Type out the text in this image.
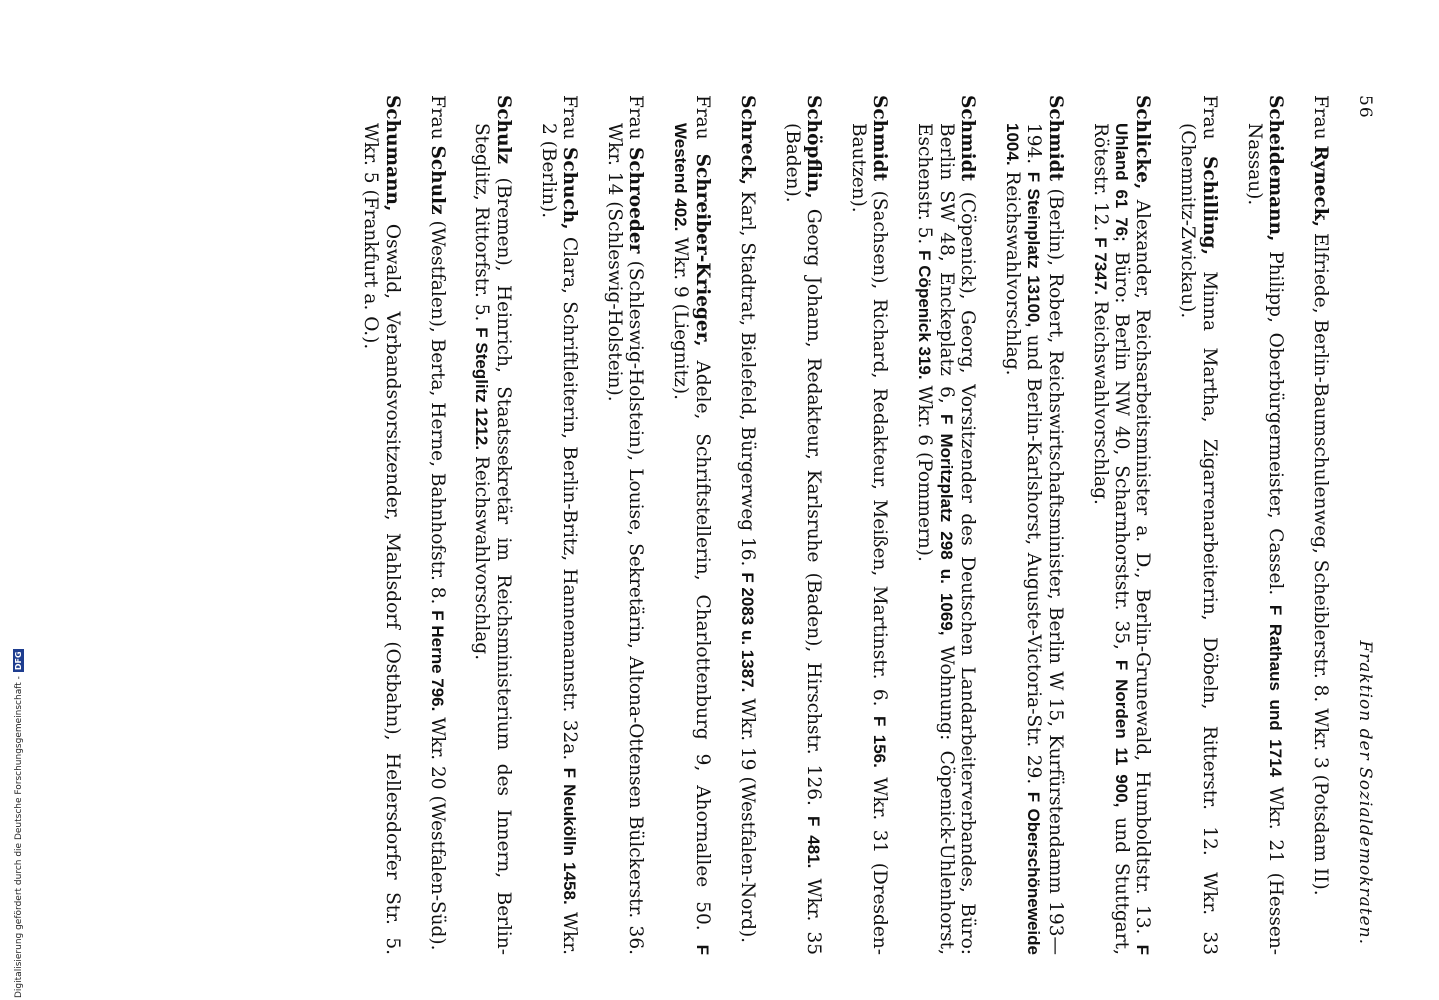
56
Fraktion der Sozialdemokraten.

Frau Ryneck, Elfriede, Berlin-Baumschulenweg, Scheiblerstr. 8. Wkr. 3 (Potsdam II).

Scheidemann, Philipp, Oberbürgermeister, Cassel. F Rathaus und 1714 Wkr. 21 (Hessen-Nassau).

Frau Schilling, Minna Martha, Zigarrenarbeiterin, Döbeln, Ritterstr. 12. Wkr. 33 (Chemnitz-Zwickau).

Schlicke, Alexander, Reichsarbeitsminister a. D., Berlin-Grunewald, Humboldtstr. 13. F Uhland 61 76; Büro: Berlin NW 40, Scharnhorststr. 35, F Norden 11 900, und Stuttgart, Rötestr. 12. F 7347. Reichswahlvorschlag.

Schmidt (Berlin), Robert, Reichswirtschaftsminister, Berlin W 15, Kurfürstendamm 193—194. F Steinplatz 13100, und Berlin-Karlshorst, Auguste-Victoria-Str. 29. F Oberschöneweide 1004. Reichswahlvorschlag.

Schmidt (Cöpenick), Georg, Vorsitzender des Deutschen Landarbeiterverbandes, Büro: Berlin SW 48, Enckeplatz 6, F Moritzplatz 298 u. 1069, Wohnung: Cöpenick-Uhlenhorst, Eschenstr. 5. F Cöpenick 319. Wkr. 6 (Pommern).

Schmidt (Sachsen), Richard, Redakteur, Meißen, Martinstr. 6. F 156. Wkr. 31 (Dresden-Bautzen).

Schöpflin, Georg Johann, Redakteur, Karlsruhe (Baden), Hirschstr. 126. F 481. Wkr. 35 (Baden).

Schreck, Karl, Stadtrat, Bielefeld, Bürgerweg 16. F 2083 u. 1387. Wkr. 19 (Westfalen-Nord).

Frau Schreiber-Krieger, Adele, Schriftstellerin, Charlottenburg 9, Ahornallee 50. F Westend 402. Wkr. 9 (Liegnitz).

Frau Schroeder (Schleswig-Holstein), Louise, Sekretärin, Altona-Ottensen Bülckerstr. 36. Wkr. 14 (Schleswig-Holstein).

Frau Schuch, Clara, Schriftleiterin, Berlin-Britz, Hannemannstr. 32a. F Neukölln 1458. Wkr. 2 (Berlin).

Schulz (Bremen), Heinrich, Staatssekretär im Reichsministerium des Innern, Berlin-Steglitz, Rittorfstr. 5. F Steglitz 1212. Reichswahlvorschlag.

Frau Schulz (Westfalen), Berta, Herne, Bahnhofstr. 8. F Herne 796. Wkr. 20 (Westfalen-Süd).

Schumann, Oswald, Verbandsvorsitzender, Mahlsdorf (Ostbahn), Hellersdorfer Str. 5. Wkr. 5 (Frankfurt a. O.).

Digitalisierung gefördert durch die Deutsche Forschungsgemeinschaft -
DFG
